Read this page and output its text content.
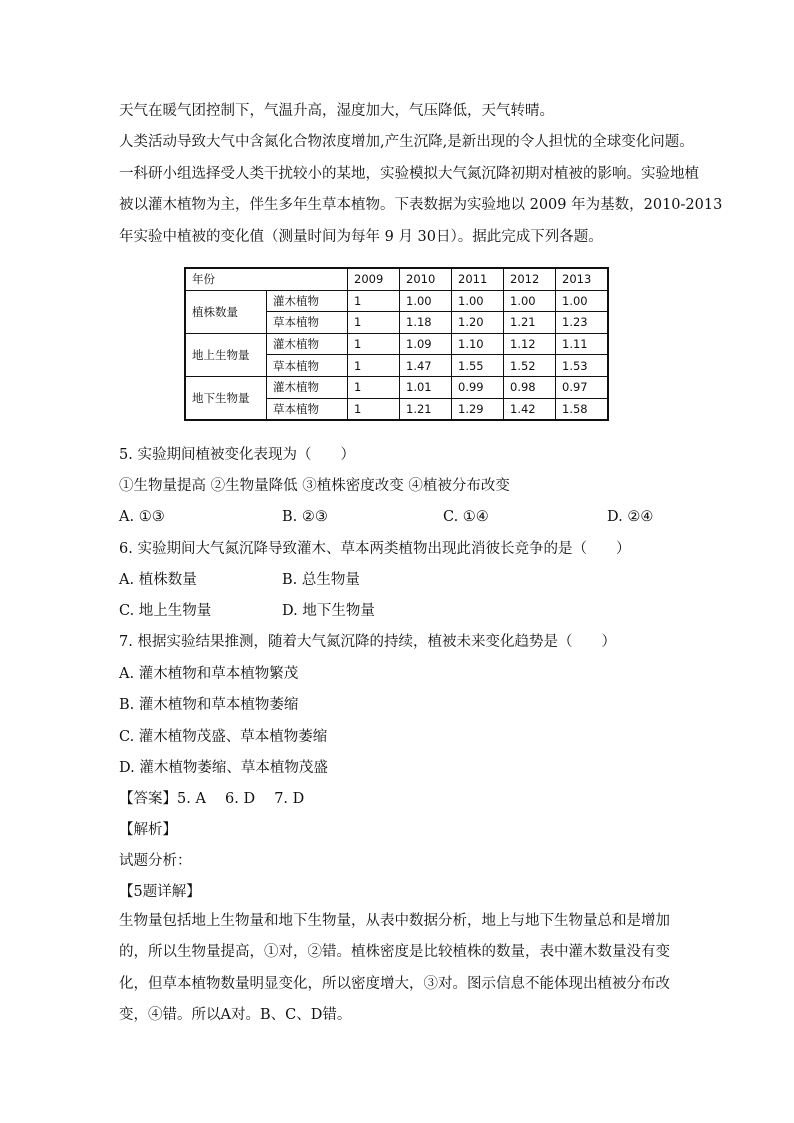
天气在暖气团控制下，气温升高，湿度加大，气压降低，天气转晴。
人类活动导致大气中含氮化合物浓度增加,产生沉降,是新出现的令人担忧的全球变化问题。
一科研小组选择受人类干扰较小的某地，实验模拟大气氮沉降初期对植被的影响。实验地植
被以灌木植物为主，伴生多年生草本植物。下表数据为实验地以 2009 年为基数，2010-2013
年实验中植被的变化值（测量时间为每年 9 月 30日）。据此完成下列各题。
年份		2009	2010	2011	2012	2013
植株数量	灌木植物	1	1.00	1.00	1.00	1.00
	草本植物	1	1.18	1.20	1.21	1.23
地上生物量	灌木植物	1	1.09	1.10	1.12	1.11
	草本植物	1	1.47	1.55	1.52	1.53
地下生物量	灌木植物	1	1.01	0.99	0.98	0.97
	草本植物	1	1.21	1.29	1.42	1.58
5. 实验期间植被变化表现为（　　）
①生物量提高 ②生物量降低 ③植株密度改变 ④植被分布改变
A. ①③	B. ②③	C. ①④	D. ②④
6. 实验期间大气氮沉降导致灌木、草本两类植物出现此消彼长竞争的是（　　）
A. 植株数量	B. 总生物量
C. 地上生物量	D. 地下生物量
7. 根据实验结果推测，随着大气氮沉降的持续，植被未来变化趋势是（　　）
A. 灌木植物和草本植物繁茂
B. 灌木植物和草本植物萎缩
C. 灌木植物茂盛、草本植物萎缩
D. 灌木植物萎缩、草本植物茂盛
【答案】5. A　 6. D　 7. D
【解析】
试题分析：
【5题详解】
生物量包括地上生物量和地下生物量，从表中数据分析，地上与地下生物量总和是增加的，所以生物量提高，①对，②错。植株密度是比较植株的数量，表中灌木数量没有变化，但草本植物数量明显变化，所以密度增大，③对。图示信息不能体现出植被分布改变，④错。所以A对。B、C、D错。
